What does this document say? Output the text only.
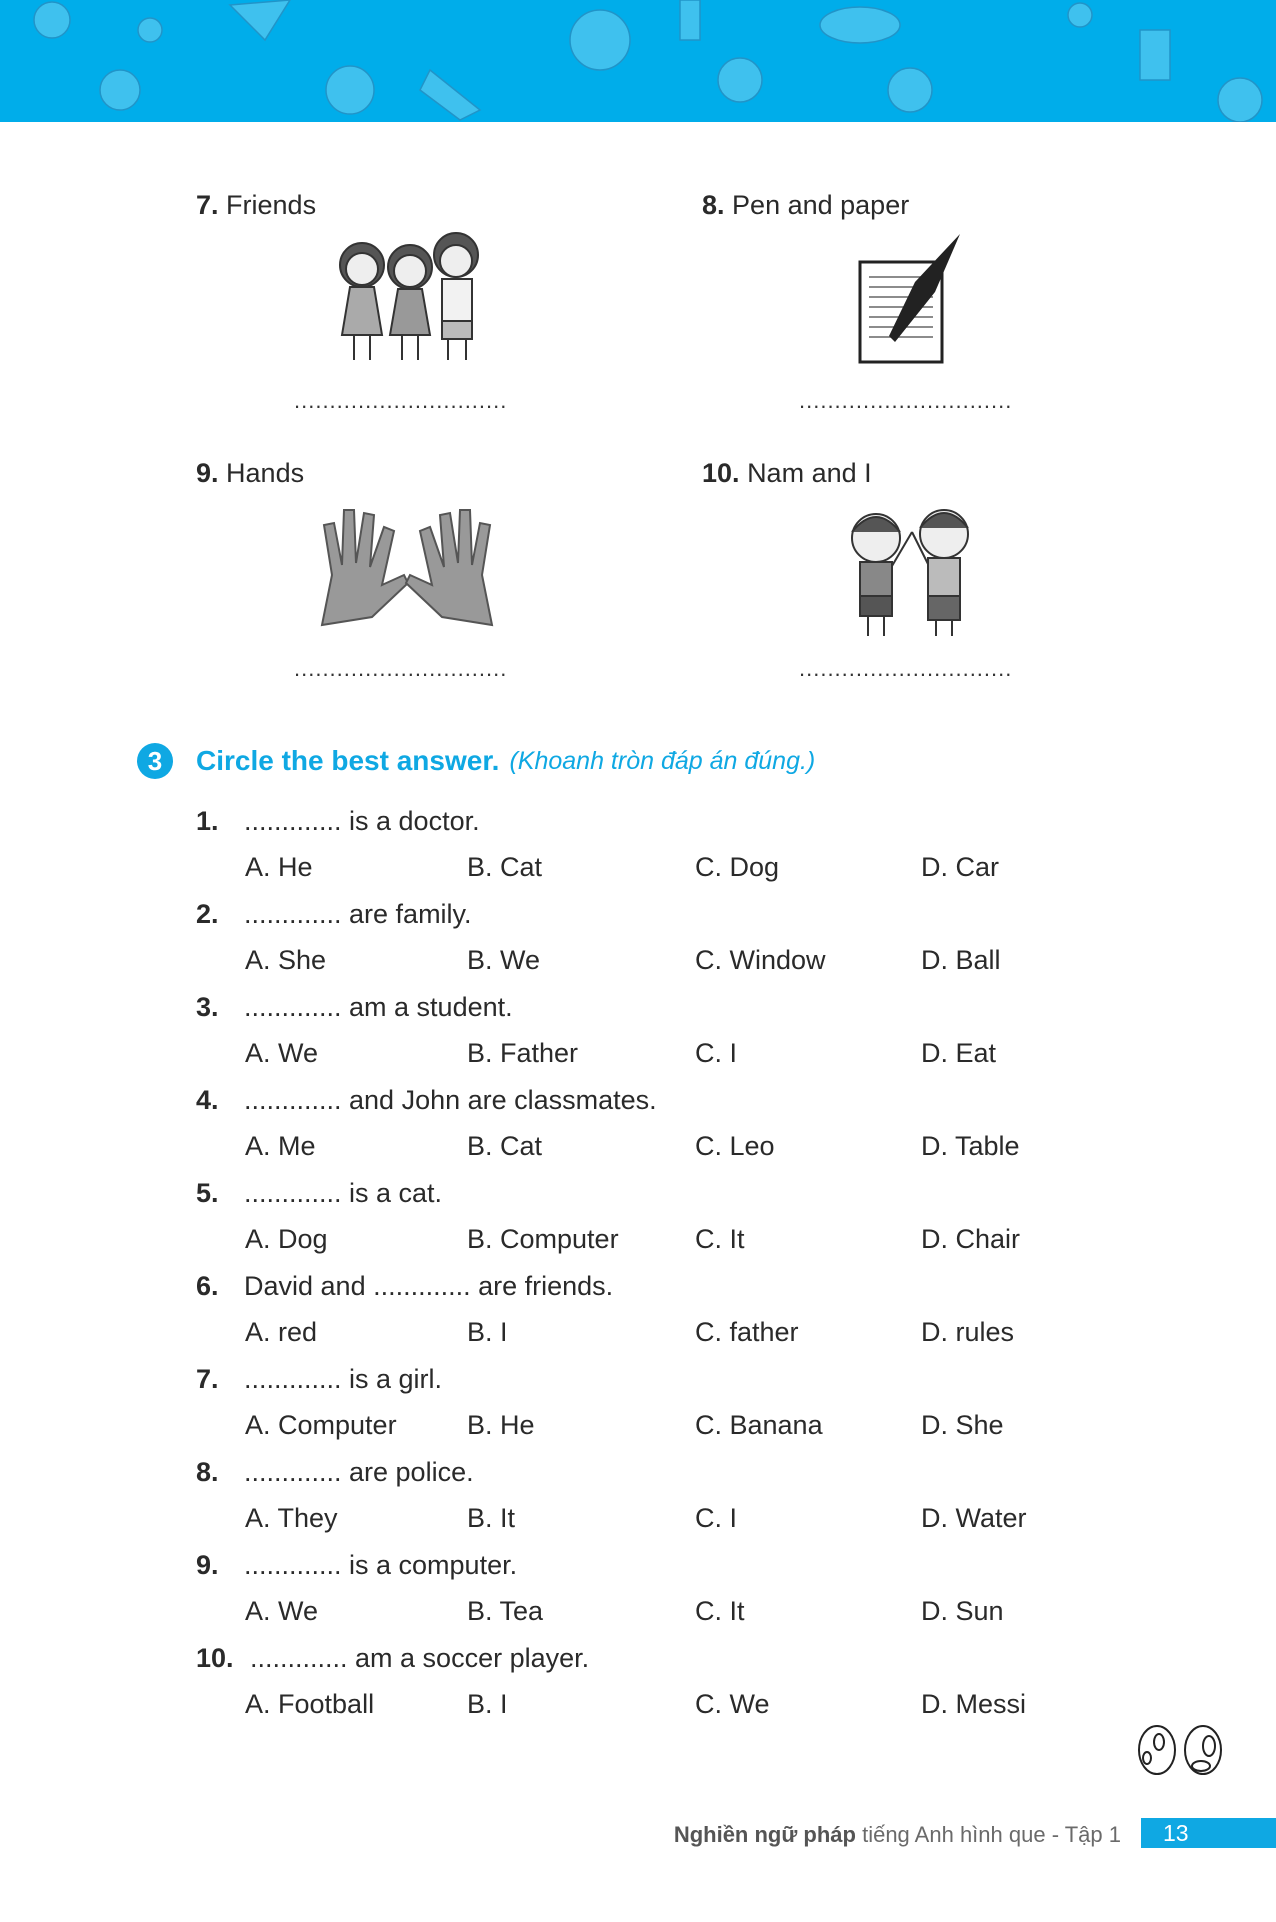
7. Friends	8. Pen and paper
9. Hands	10. Nam and I
..............................	..............................
..............................	..............................
3	Circle the best answer. (Khoanh tròn đáp án đúng.)
1. ............. is a doctor.
A. He	B. Cat	C. Dog	D. Car
2. ............. are family.
A. She	B. We	C. Window	D. Ball
3. ............. am a student.
A. We	B. Father	C. I	D. Eat
4. ............. and John are classmates.
A. Me	B. Cat	C. Leo	D. Table
5. ............. is a cat.
A. Dog	B. Computer	C. It	D. Chair
6. David and ............. are friends.
A. red	B. I	C. father	D. rules
7. ............. is a girl.
A. Computer	B. He	C. Banana	D. She
8. ............. are police.
A. They	B. It	C. I	D. Water
9. ............. is a computer.
A. We	B. Tea	C. It	D. Sun
10. ............. am a soccer player.
A. Football	B. I	C. We	D. Messi
Nghiền ngữ pháp tiếng Anh hình que - Tập 1	13
